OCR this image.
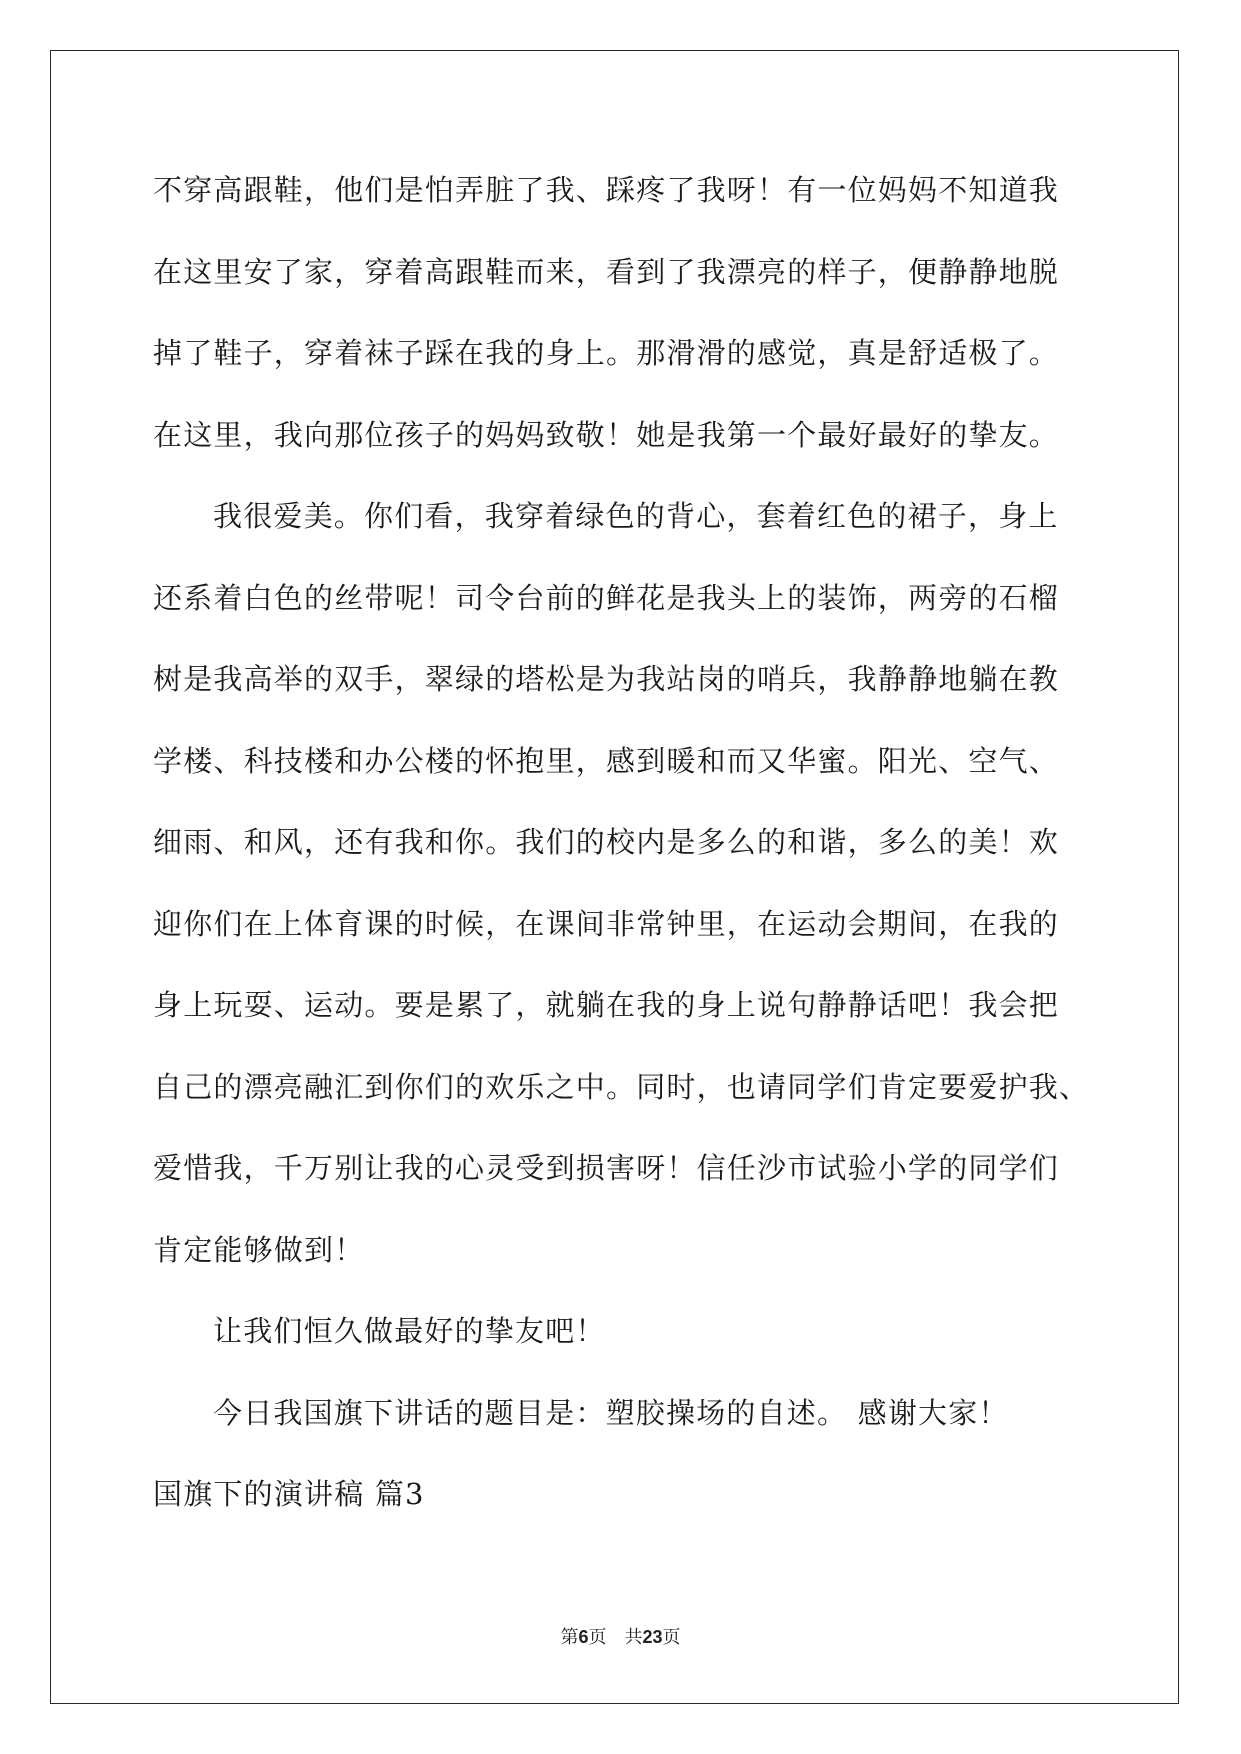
不穿高跟鞋，他们是怕弄脏了我、踩疼了我呀！有一位妈妈不知道我
在这里安了家，穿着高跟鞋而来，看到了我漂亮的样子，便静静地脱
掉了鞋子，穿着袜子踩在我的身上。那滑滑的感觉，真是舒适极了。
在这里，我向那位孩子的妈妈致敬！她是我第一个最好最好的挚友。
我很爱美。你们看，我穿着绿色的背心，套着红色的裙子，身上
还系着白色的丝带呢！司令台前的鲜花是我头上的装饰，两旁的石榴
树是我高举的双手，翠绿的塔松是为我站岗的哨兵，我静静地躺在教
学楼、科技楼和办公楼的怀抱里，感到暖和而又华蜜。阳光、空气、
细雨、和风，还有我和你。我们的校内是多么的和谐，多么的美！欢
迎你们在上体育课的时候，在课间非常钟里，在运动会期间，在我的
身上玩耍、运动。要是累了，就躺在我的身上说句静静话吧！我会把
自己的漂亮融汇到你们的欢乐之中。同时，也请同学们肯定要爱护我、
爱惜我，千万别让我的心灵受到损害呀！信任沙市试验小学的同学们
肯定能够做到！
让我们恒久做最好的挚友吧！
今日我国旗下讲话的题目是：塑胶操场的自述。 感谢大家！
国旗下的演讲稿 篇3
第6页 共23页
